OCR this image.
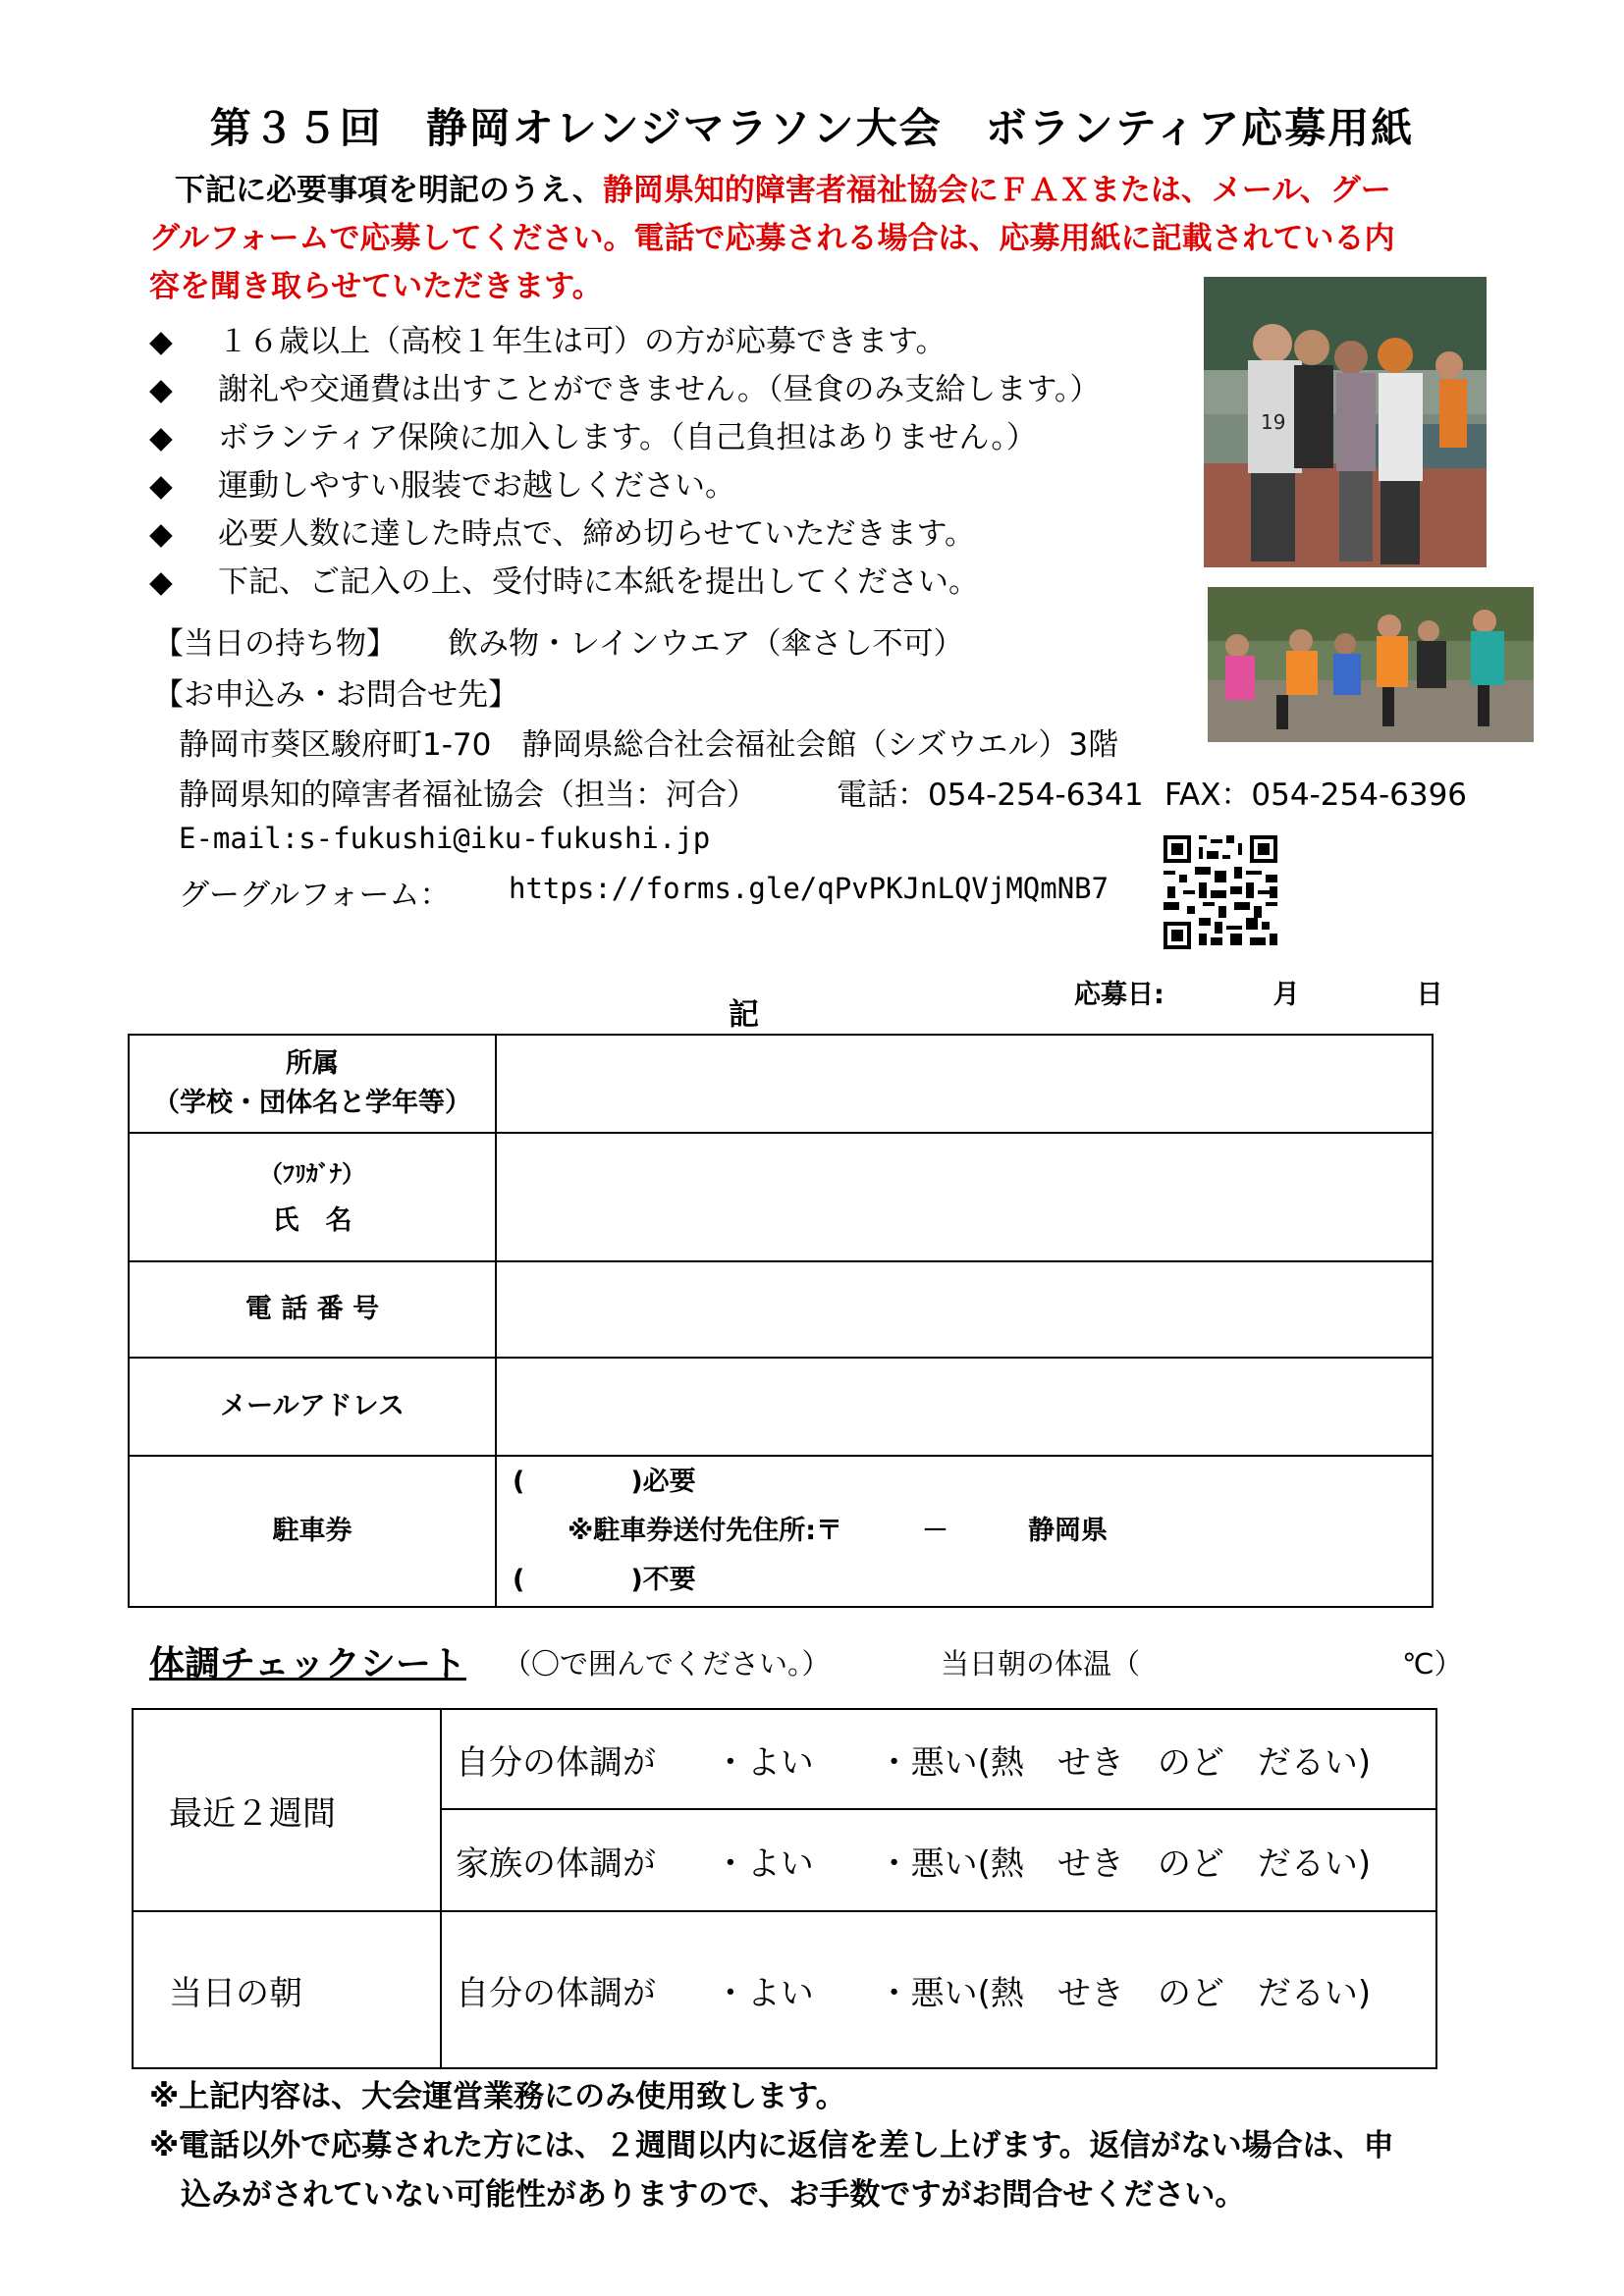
第３５回　静岡オレンジマラソン大会　ボランティア応募用紙
下記に必要事項を明記のうえ、静岡県知的障害者福祉協会にＦＡＸまたは、メール、グー
グルフォームで応募してください。電話で応募される場合は、応募用紙に記載されている内
容を聞き取らせていただきます。
◆ １６歳以上（高校１年生は可）の方が応募できます。
◆ 謝礼や交通費は出すことができません。（昼食のみ支給します。）
◆ ボランティア保険に加入します。（自己負担はありません。）
◆ 運動しやすい服装でお越しください。
◆ 必要人数に達した時点で、締め切らせていただきます。
◆ 下記、ご記入の上、受付時に本紙を提出してください。
【当日の持ち物】 飲み物・レインウエア（傘さし不可）
【お申込み・お問合せ先】
静岡市葵区駿府町1-70　静岡県総合社会福祉会館（シズウエル）3階
静岡県知的障害者福祉協会（担当：河合）	電話：054-254-6341 FAX：054-254-6396
E-mail:s-fukushi@iku-fukushi.jp
グーグルフォーム： https://forms.gle/qPvPKJnLQVjMQmNB7
19
記
応募日:	月	日
所属
（学校・団体名と学年等）	

（ﾌﾘｶﾞﾅ）
氏　名	

電 話 番 号	
メールアドレス	
駐車券	(　　　　)必要
※駐車券送付先住所:〒　　　－　　　静岡県
(　　　　)不要
体調チェックシート （〇で囲んでください。）	当日朝の体温（	℃）
最近２週間	自分の体調が ・よい ・悪い(熱　せき　のど　だるい)
	家族の体調が ・よい ・悪い(熱　せき　のど　だるい)
当日の朝	自分の体調が ・よい ・悪い(熱　せき　のど　だるい)
※上記内容は、大会運営業務にのみ使用致します。
※電話以外で応募された方には、２週間以内に返信を差し上げます。返信がない場合は、申
込みがされていない可能性がありますので、お手数ですがお問合せください。
